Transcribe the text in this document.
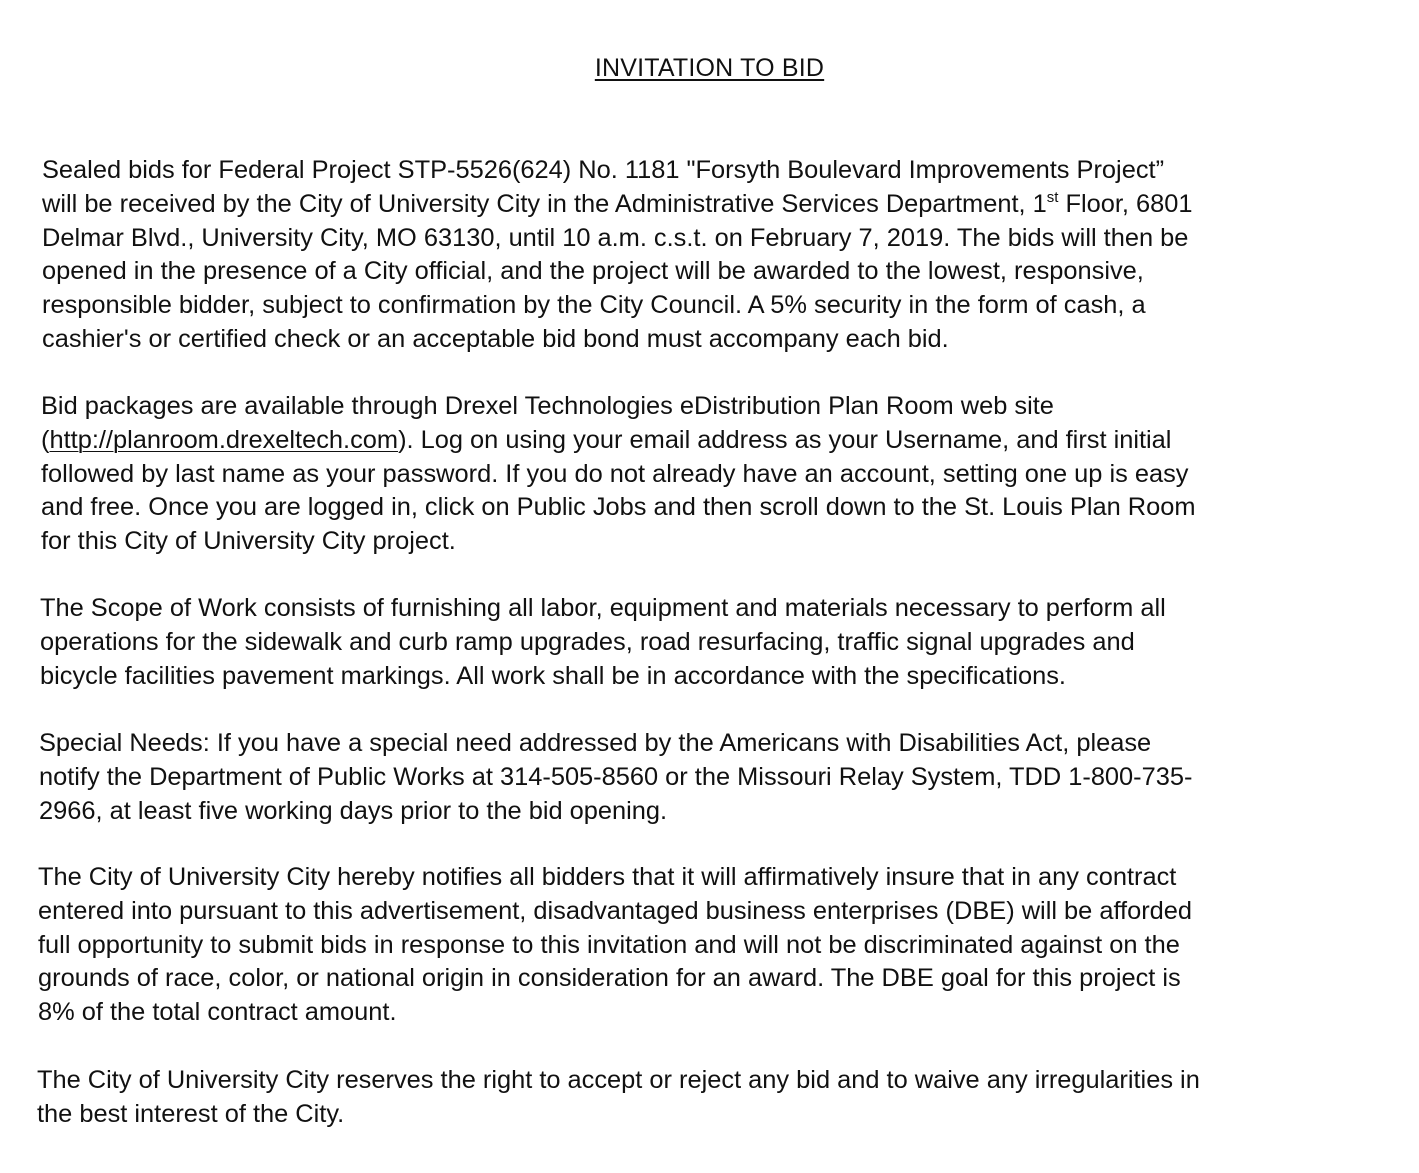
INVITATION TO BID

Sealed bids for Federal Project STP-5526(624) No. 1181 "Forsyth Boulevard Improvements Project”
will be received by the City of University City in the Administrative Services Department, 1st Floor, 6801
Delmar Blvd., University City, MO 63130, until 10 a.m. c.s.t. on February 7, 2019. The bids will then be
opened in the presence of a City official, and the project will be awarded to the lowest, responsive,
responsible bidder, subject to confirmation by the City Council. A 5% security in the form of cash, a
cashier's or certified check or an acceptable bid bond must accompany each bid.

Bid packages are available through Drexel Technologies eDistribution Plan Room web site
(http://planroom.drexeltech.com). Log on using your email address as your Username, and first initial
followed by last name as your password. If you do not already have an account, setting one up is easy
and free. Once you are logged in, click on Public Jobs and then scroll down to the St. Louis Plan Room
for this City of University City project.

The Scope of Work consists of furnishing all labor, equipment and materials necessary to perform all
operations for the sidewalk and curb ramp upgrades, road resurfacing, traffic signal upgrades and
bicycle facilities pavement markings. All work shall be in accordance with the specifications.

Special Needs: If you have a special need addressed by the Americans with Disabilities Act, please
notify the Department of Public Works at 314-505-8560 or the Missouri Relay System, TDD 1-800-735-
2966, at least five working days prior to the bid opening.

The City of University City hereby notifies all bidders that it will affirmatively insure that in any contract
entered into pursuant to this advertisement, disadvantaged business enterprises (DBE) will be afforded
full opportunity to submit bids in response to this invitation and will not be discriminated against on the
grounds of race, color, or national origin in consideration for an award. The DBE goal for this project is
8% of the total contract amount.

The City of University City reserves the right to accept or reject any bid and to waive any irregularities in
the best interest of the City.
